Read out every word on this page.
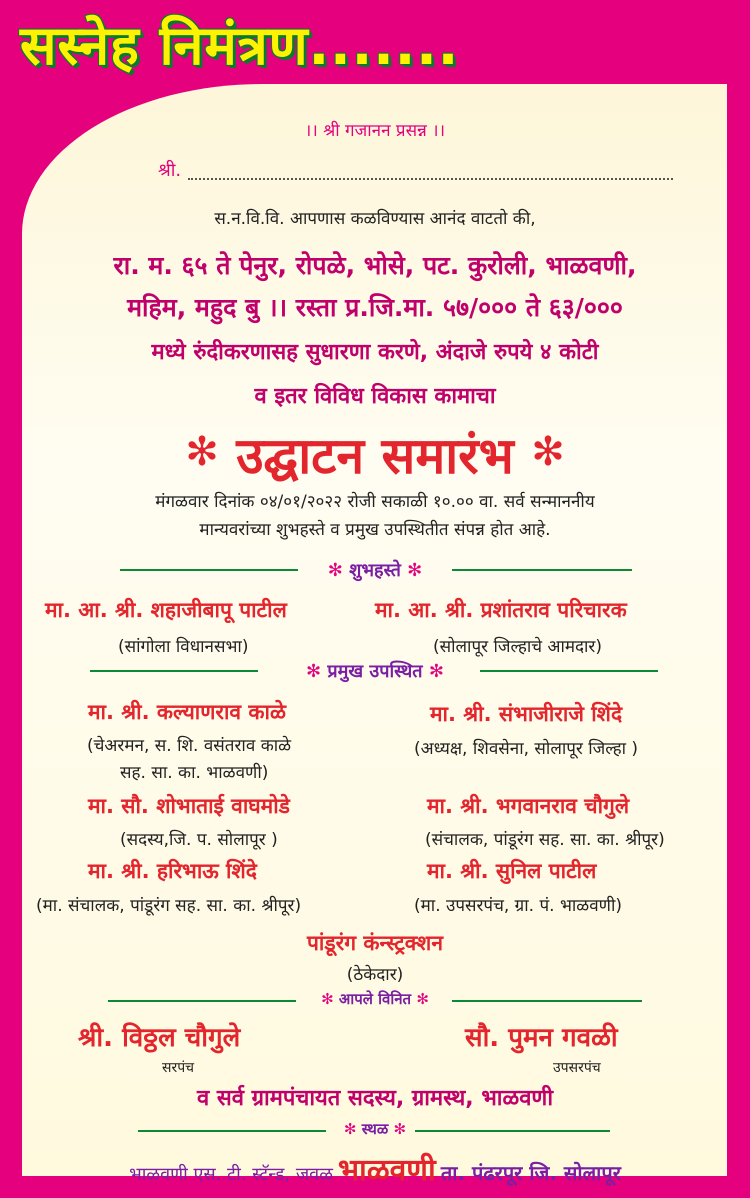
सस्नेह निमंत्रण.......
।। श्री गजानन प्रसन्न ।।
श्री.
स.न.वि.वि. आपणास कळविण्यास आनंद वाटतो की,
रा. म. ६५ ते पेनुर, रोपळे, भोसे, पट. कुरोली, भाळवणी,
महिम, महुद बु ।। रस्ता प्र.जि.मा. ५७/००० ते ६३/०००
मध्ये रुंदीकरणासह सुधारणा करणे, अंदाजे रुपये ४ कोटी
व इतर विविध विकास कामाचा
✻ उद्घाटन समारंभ ✻
मंगळवार दिनांक ०४/०१/२०२२ रोजी सकाळी १०.०० वा. सर्व सन्माननीय
मान्यवरांच्या शुभहस्ते व प्रमुख उपस्थितीत संपन्न होत आहे.
✻ शुभहस्ते ✻
मा. आ. श्री. शहाजीबापू पाटील
(सांगोला विधानसभा)
मा. आ. श्री. प्रशांतराव परिचारक
(सोलापूर जिल्हाचे आमदार)
✻ प्रमुख उपस्थित ✻
मा. श्री. कल्याणराव काळे
(चेअरमन, स. शि. वसंतराव काळे
सह. सा. का. भाळवणी)
मा. श्री. संभाजीराजे शिंदे
(अध्यक्ष, शिवसेना, सोलापूर जिल्हा )
मा. सौ. शोभाताई वाघमोडे
(सदस्य,जि. प. सोलापूर )
मा. श्री. भगवानराव चौगुले
(संचालक, पांडूरंग सह. सा. का. श्रीपूर)
मा. श्री. हरिभाऊ शिंदे
(मा. संचालक, पांडूरंग सह. सा. का. श्रीपूर)
मा. श्री. सुनिल पाटील
(मा. उपसरपंच, ग्रा. पं. भाळवणी)
पांडूरंग कंन्स्ट्रक्शन
(ठेकेदार)
✻ आपले विनित ✻
श्री. विठ्ठल चौगुले
सरपंच
सौ. पुमन गवळी
उपसरपंच
व सर्व ग्रामपंचायत सदस्य, ग्रामस्थ, भाळवणी
✻ स्थळ ✻
भाळवणी एस. टी. स्टॅन्ड, जवळ भाळवणी ता. पंढरपूर जि. सोलापूर
